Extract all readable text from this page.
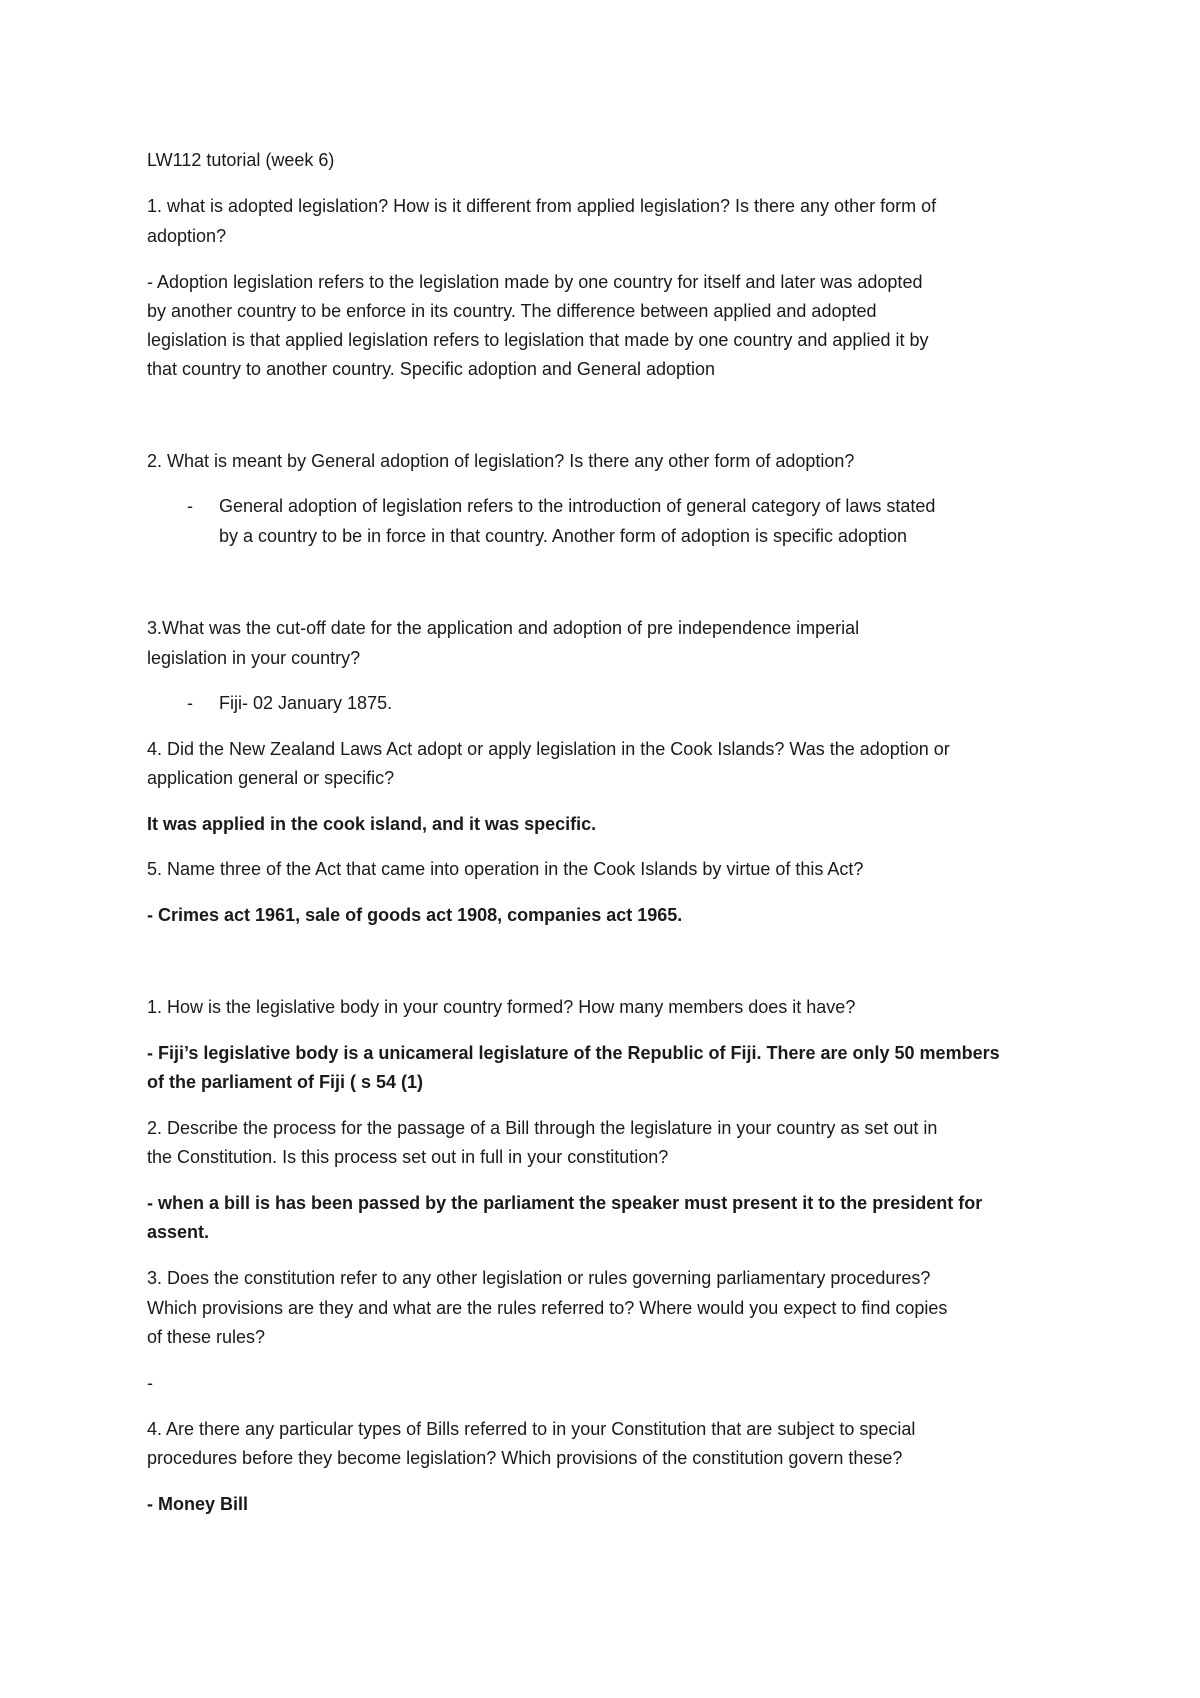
LW112 tutorial (week 6)

1. what is adopted legislation? How is it different from applied legislation? Is there any other form of

adoption?

- Adoption legislation refers to the legislation made by one country for itself and later was adopted

by another country to be enforce in its country. The difference between applied and adopted

legislation is that applied legislation refers to legislation that made by one country and applied it by

that country to another country. Specific adoption and General adoption

2. What is meant by General adoption of legislation? Is there any other form of adoption?

- General adoption of legislation refers to the introduction of general category of laws stated

by a country to be in force in that country. Another form of adoption is specific adoption

3.What was the cut-off date for the application and adoption of pre independence imperial

legislation in your country?

- Fiji- 02 January 1875.

4. Did the New Zealand Laws Act adopt or apply legislation in the Cook Islands? Was the adoption or

application general or specific?

It was applied in the cook island, and it was specific.

5. Name three of the Act that came into operation in the Cook Islands by virtue of this Act?

- Crimes act 1961, sale of goods act 1908, companies act 1965.

1. How is the legislative body in your country formed? How many members does it have?

- Fiji’s legislative body is a unicameral legislature of the Republic of Fiji. There are only 50 members

of the parliament of Fiji ( s 54 (1)

2. Describe the process for the passage of a Bill through the legislature in your country as set out in

the Constitution. Is this process set out in full in your constitution?

- when a bill is has been passed by the parliament the speaker must present it to the president for

assent.

3. Does the constitution refer to any other legislation or rules governing parliamentary procedures?

Which provisions are they and what are the rules referred to? Where would you expect to find copies

of these rules?

-

4. Are there any particular types of Bills referred to in your Constitution that are subject to special

procedures before they become legislation? Which provisions of the constitution govern these?

- Money Bill
